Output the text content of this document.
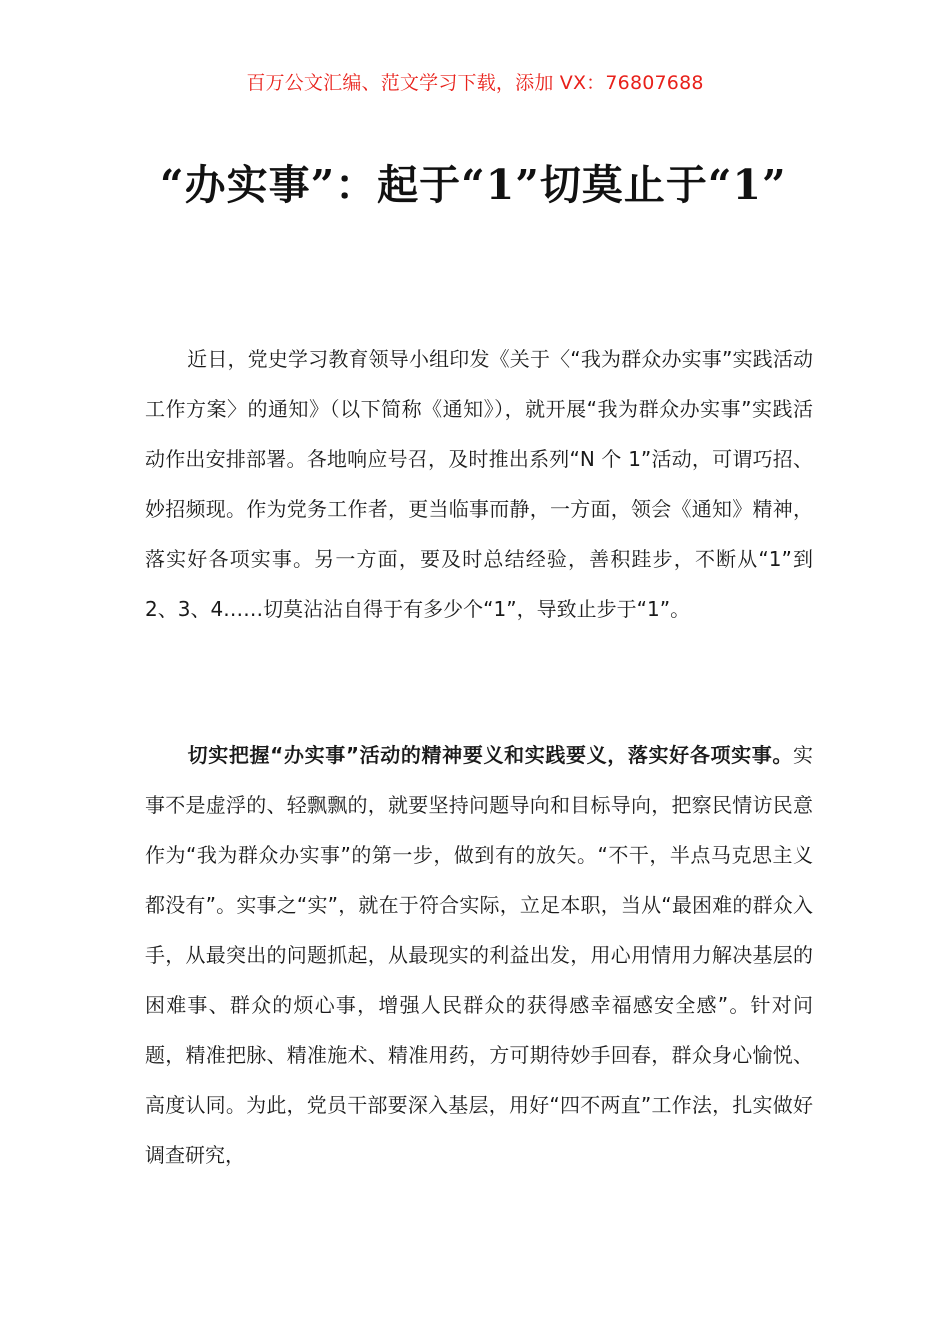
百万公文汇编、范文学习下载，添加 VX：76807688
“办实事”：起于“1”切莫止于“1”

近日，党史学习教育领导小组印发《关于〈“我为群众办实事”实践活动工作方案〉的通知》（以下简称《通知》），就开展“我为群众办实事”实践活动作出安排部署。各地响应号召，及时推出系列“N 个 1”活动，可谓巧招、妙招频现。作为党务工作者，更当临事而静，一方面，领会《通知》精神，落实好各项实事。另一方面，要及时总结经验，善积跬步，不断从“1”到 2、3、4……切莫沾沾自得于有多少个“1”，导致止步于“1”。

切实把握“办实事”活动的精神要义和实践要义，落实好各项实事。实事不是虚浮的、轻飘飘的，就要坚持问题导向和目标导向，把察民情访民意作为“我为群众办实事”的第一步，做到有的放矢。“不干，半点马克思主义都没有”。实事之“实”，就在于符合实际，立足本职，当从“最困难的群众入手，从最突出的问题抓起，从最现实的利益出发，用心用情用力解决基层的困难事、群众的烦心事，增强人民群众的获得感幸福感安全感”。针对问题，精准把脉、精准施术、精准用药，方可期待妙手回春，群众身心愉悦、高度认同。为此，党员干部要深入基层，用好“四不两直”工作法，扎实做好调查研究，
